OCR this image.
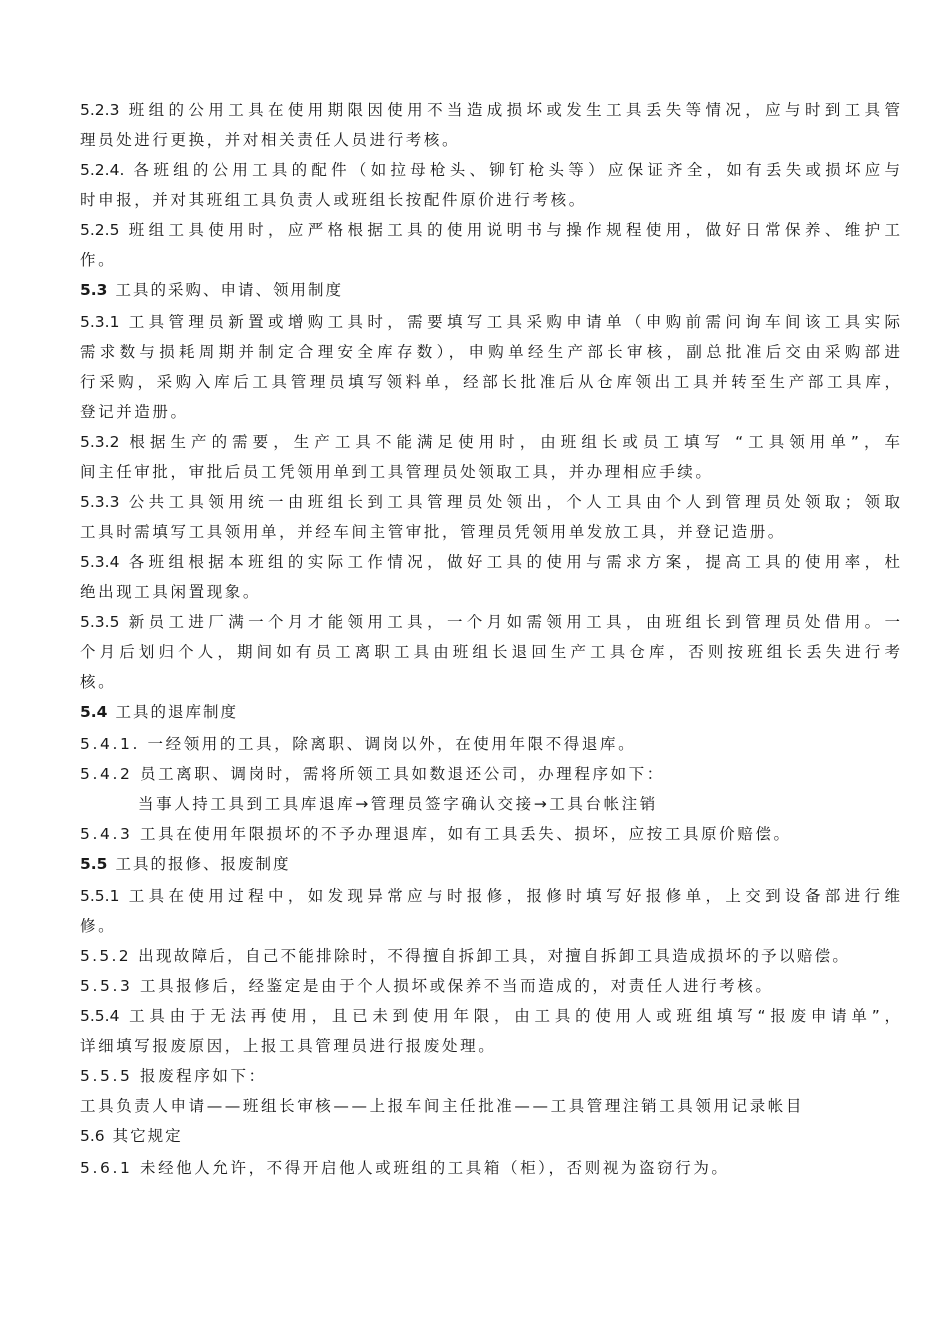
5.2.3 班组的公用工具在使用期限因使用不当造成损坏或发生工具丢失等情况，应与时到工具管
理员处进行更换，并对相关责任人员进行考核。
5.2.4. 各班组的公用工具的配件（如拉母枪头、铆钉枪头等）应保证齐全，如有丢失或损坏应与
时申报，并对其班组工具负责人或班组长按配件原价进行考核。
5.2.5 班组工具使用时，应严格根据工具的使用说明书与操作规程使用，做好日常保养、维护工
作。
5.3 工具的采购、申请、领用制度
5.3.1 工具管理员新置或增购工具时，需要填写工具采购申请单（申购前需问询车间该工具实际
需求数与损耗周期并制定合理安全库存数），申购单经生产部长审核，副总批准后交由采购部进
行采购，采购入库后工具管理员填写领料单，经部长批准后从仓库领出工具并转至生产部工具库，
登记并造册。
5.3.2 根据生产的需要，生产工具不能满足使用时，由班组长或员工填写 “工具领用单”，车
间主任审批，审批后员工凭领用单到工具管理员处领取工具，并办理相应手续。
5.3.3 公共工具领用统一由班组长到工具管理员处领出，个人工具由个人到管理员处领取；领取
工具时需填写工具领用单，并经车间主管审批，管理员凭领用单发放工具，并登记造册。
5.3.4 各班组根据本班组的实际工作情况，做好工具的使用与需求方案，提高工具的使用率，杜
绝出现工具闲置现象。
5.3.5 新员工进厂满一个月才能领用工具，一个月如需领用工具，由班组长到管理员处借用。一
个月后划归个人，期间如有员工离职工具由班组长退回生产工具仓库，否则按班组长丢失进行考
核。
5.4 工具的退库制度
5.4.1. 一经领用的工具，除离职、调岗以外，在使用年限不得退库。
5.4.2 员工离职、调岗时，需将所领工具如数退还公司，办理程序如下：
当事人持工具到工具库退库→管理员签字确认交接→工具台帐注销
5.4.3 工具在使用年限损坏的不予办理退库，如有工具丢失、损坏，应按工具原价赔偿。
5.5 工具的报修、报废制度
5.5.1 工具在使用过程中，如发现异常应与时报修，报修时填写好报修单，上交到设备部进行维
修。
5.5.2 出现故障后，自己不能排除时，不得擅自拆卸工具，对擅自拆卸工具造成损坏的予以赔偿。
5.5.3 工具报修后，经鉴定是由于个人损坏或保养不当而造成的，对责任人进行考核。
5.5.4 工具由于无法再使用，且已未到使用年限，由工具的使用人或班组填写“报废申请单”，
详细填写报废原因，上报工具管理员进行报废处理。
5.5.5 报废程序如下：
工具负责人申请——班组长审核——上报车间主任批准——工具管理注销工具领用记录帐目
5.6 其它规定
5.6.1 未经他人允许，不得开启他人或班组的工具箱（柜），否则视为盗窃行为。
